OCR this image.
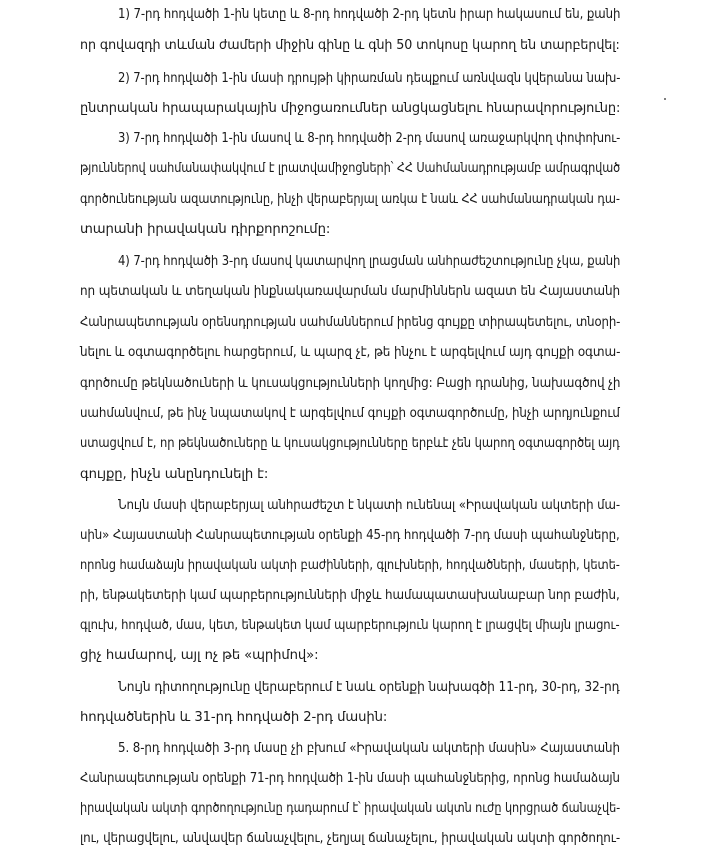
1) 7-րդ հոդվածի 1-ին կետը և 8-րդ հոդվածի 2-րդ կետն իրար հակասում են, քանի
որ գովազդի տևման ժամերի միջին գինը և գնի 50 տոկոսը կարող են տարբերվել:
2) 7-րդ հոդվածի 1-ին մասի դրույթի կիրառման դեպքում առնվազն կվերանա նախ-
ընտրական հրապարակային միջոցառումներ անցկացնելու հնարավորությունը:
3) 7-րդ հոդվածի 1-ին մասով և 8-րդ հոդվածի 2-րդ մասով առաջարկվող փոփոխու-
թյուններով սահմանափակվում է լրատվամիջոցների՝ ՀՀ Սահմանադրությամբ ամրագրված
գործունեության ազատությունը, ինչի վերաբերյալ առկա է նաև ՀՀ սահմանադրական դա-
տարանի իրավական դիրքորոշումը:
4) 7-րդ հոդվածի 3-րդ մասով կատարվող լրացման անհրաժեշտությունը չկա, քանի
որ պետական և տեղական ինքնակառավարման մարմիններն ազատ են Հայաստանի
Հանրապետության օրենսդրության սահմաններում իրենց գույքը տիրապետելու, տնօրի-
նելու և օգտագործելու հարցերում, և պարզ չէ, թե ինչու է արգելվում այդ գույքի օգտա-
գործումը թեկնածուների և կուսակցությունների կողմից: Բացի դրանից, նախագծով չի
սահմանվում, թե ինչ նպատակով է արգելվում գույքի օգտագործումը, ինչի արդյունքում
ստացվում է, որ թեկնածուները և կուսակցությունները երբևէ չեն կարող օգտագործել այդ
գույքը, ինչն անընդունելի է:
Նույն մասի վերաբերյալ անհրաժեշտ է նկատի ունենալ «Իրավական ակտերի մա-
սին» Հայաստանի Հանրապետության օրենքի 45-րդ հոդվածի 7-րդ մասի պահանջները,
որոնց համաձայն իրավական ակտի բաժինների, գլուխների, հոդվածների, մասերի, կետե-
րի, ենթակետերի կամ պարբերությունների միջև համապատասխանաբար նոր բաժին,
գլուխ, հոդված, մաս, կետ, ենթակետ կամ պարբերություն կարող է լրացվել միայն լրացու-
ցիչ համարով, այլ ոչ թե «պրիմով»:
Նույն դիտողությունը վերաբերում է նաև օրենքի նախագծի 11-րդ, 30-րդ, 32-րդ
հոդվածներին և 31-րդ հոդվածի 2-րդ մասին:
5. 8-րդ հոդվածի 3-րդ մասը չի բխում «Իրավական ակտերի մասին» Հայաստանի
Հանրապետության օրենքի 71-րդ հոդվածի 1-ին մասի պահանջներից, որոնց համաձայն
իրավական ակտի գործողությունը դադարում է՝ իրավական ակտն ուժը կորցրած ճանաչվե-
լու, վերացվելու, անվավեր ճանաչվելու, չեղյալ ճանաչելու, իրավական ակտի գործողու-
